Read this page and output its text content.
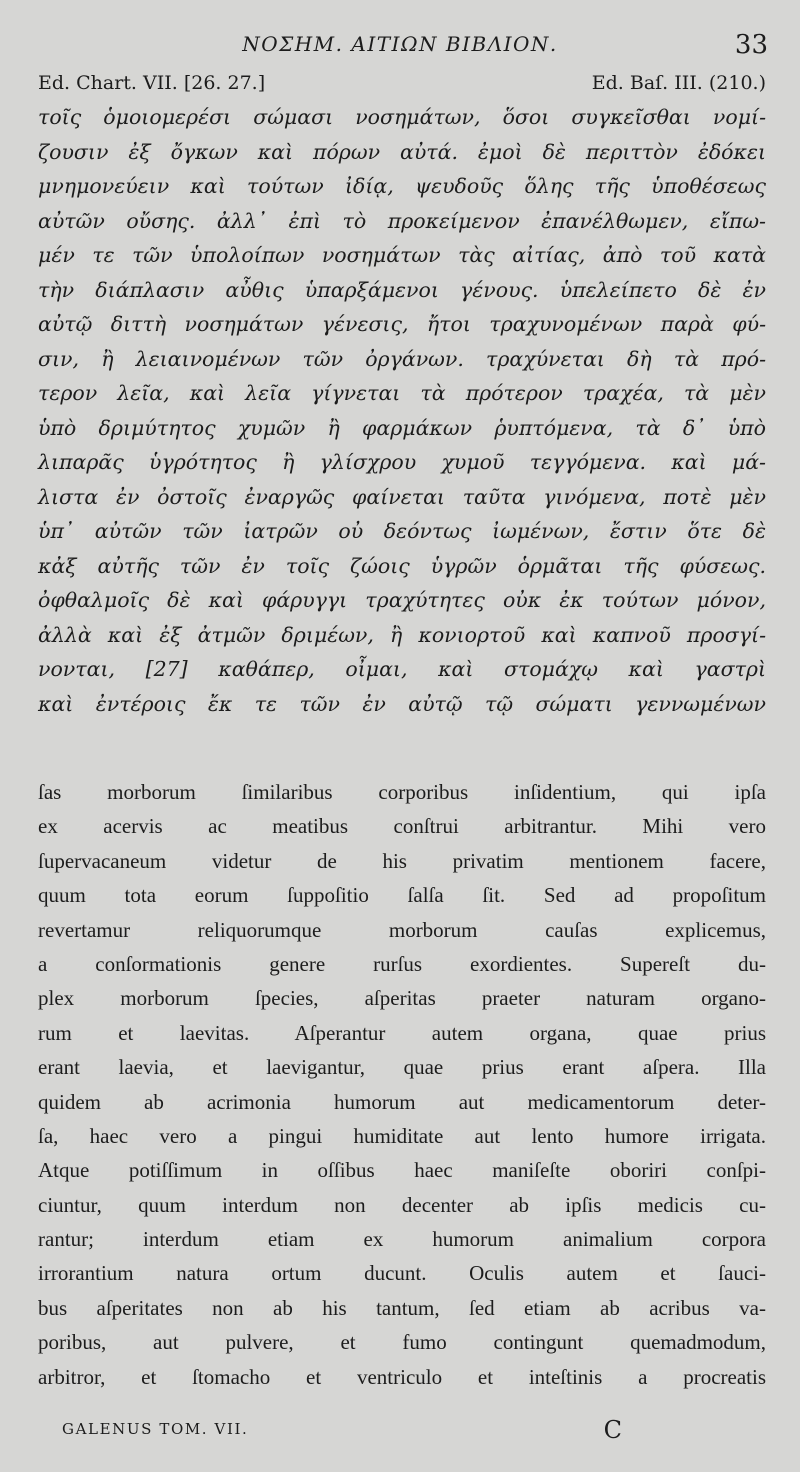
ΝΟΣΗΜ. ΑΙΤΙΩΝ ΒΙΒΛΙΟΝ.	33
Ed. Chart. VII. [26. 27.]	Ed. Baſ. III. (210.)
τοῖς ὁμοιομερέσι σώμασι νοσημάτων, ὅσοι συγκεῖσθαι νομί-
ζουσιν ἐξ ὄγκων καὶ πόρων αὐτά. ἐμοὶ δὲ περιττὸν ἐδόκει
μνημονεύειν καὶ τούτων ἰδίᾳ, ψευδοῦς ὅλης τῆς ὑποθέσεως
αὐτῶν οὔσης. ἀλλ᾽ ἐπὶ τὸ προκείμενον ἐπανέλθωμεν, εἴπω-
μέν τε τῶν ὑπολοίπων νοσημάτων τὰς αἰτίας, ἀπὸ τοῦ κατὰ
τὴν διάπλασιν αὖθις ὑπαρξάμενοι γένους. ὑπελείπετο δὲ ἐν
αὐτῷ διττὴ νοσημάτων γένεσις, ἤτοι τραχυνομένων παρὰ φύ-
σιν, ἢ λειαινομένων τῶν ὀργάνων. τραχύνεται δὴ τὰ πρό-
τερον λεῖα, καὶ λεῖα γίγνεται τὰ πρότερον τραχέα, τὰ μὲν
ὑπὸ δριμύτητος χυμῶν ἢ φαρμάκων ῥυπτόμενα, τὰ δ᾽ ὑπὸ
λιπαρᾶς ὑγρότητος ἢ γλίσχρου χυμοῦ τεγγόμενα. καὶ μά-
λιστα ἐν ὀστοῖς ἐναργῶς φαίνεται ταῦτα γινόμενα, ποτὲ μὲν
ὑπ᾽ αὐτῶν τῶν ἰατρῶν οὐ δεόντως ἰωμένων, ἔστιν ὅτε δὲ
κἀξ αὐτῆς τῶν ἐν τοῖς ζώοις ὑγρῶν ὁρμᾶται τῆς φύσεως.
ὀφθαλμοῖς δὲ καὶ φάρυγγι τραχύτητες οὐκ ἐκ τούτων μόνον,
ἀλλὰ καὶ ἐξ ἀτμῶν δριμέων, ἢ κονιορτοῦ καὶ καπνοῦ προσγί-
νονται, [27] καθάπερ, οἶμαι, καὶ στομάχῳ καὶ γαστρὶ
καὶ ἐντέροις ἔκ τε τῶν ἐν αὐτῷ τῷ σώματι γεννωμένων
ſas morborum ſimilaribus corporibus inſidentium, qui ipſa
ex acervis ac meatibus conſtrui arbitrantur. Mihi vero
ſupervacaneum videtur de his privatim mentionem facere,
quum tota eorum ſuppoſitio ſalſa ſit. Sed ad propoſitum
revertamur reliquorumque morborum cauſas explicemus,
a conſormationis genere rurſus exordientes. Supereſt du-
plex morborum ſpecies, aſperitas praeter naturam organo-
rum et laevitas. Aſperantur autem organa, quae prius
erant laevia, et laevigantur, quae prius erant aſpera. Illa
quidem ab acrimonia humorum aut medicamentorum deter-
ſa, haec vero a pingui humiditate aut lento humore irrigata.
Atque potiſſimum in oſſibus haec maniſeſte oboriri conſpi-
ciuntur, quum interdum non decenter ab ipſis medicis cu-
rantur; interdum etiam ex humorum animalium corpora
irrorantium natura ortum ducunt. Oculis autem et ſauci-
bus aſperitates non ab his tantum, ſed etiam ab acribus va-
poribus, aut pulvere, et fumo contingunt quemadmodum,
arbitror, et ſtomacho et ventriculo et inteſtinis a procreatis
GALENUS TOM. VII.	C
